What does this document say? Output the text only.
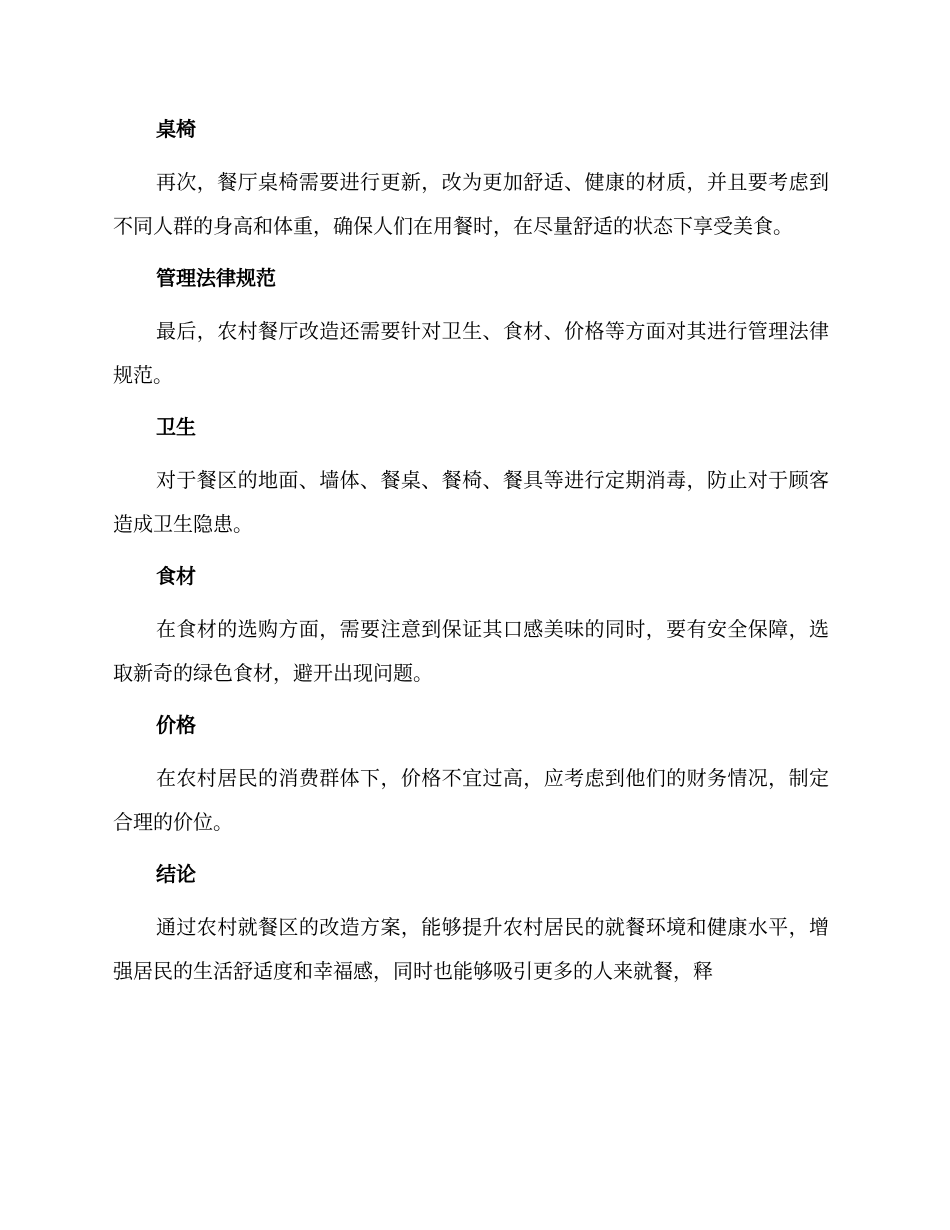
桌椅

再次，餐厅桌椅需要进行更新，改为更加舒适、健康的材质，并且要考虑到不同人群的身高和体重，确保人们在用餐时，在尽量舒适的状态下享受美食。

管理法律规范

最后，农村餐厅改造还需要针对卫生、食材、价格等方面对其进行管理法律规范。

卫生

对于餐区的地面、墙体、餐桌、餐椅、餐具等进行定期消毒，防止对于顾客造成卫生隐患。

食材

在食材的选购方面，需要注意到保证其口感美味的同时，要有安全保障，选取新奇的绿色食材，避开出现问题。

价格

在农村居民的消费群体下，价格不宜过高，应考虑到他们的财务情况，制定合理的价位。

结论

通过农村就餐区的改造方案，能够提升农村居民的就餐环境和健康水平，增强居民的生活舒适度和幸福感，同时也能够吸引更多的人来就餐，释
